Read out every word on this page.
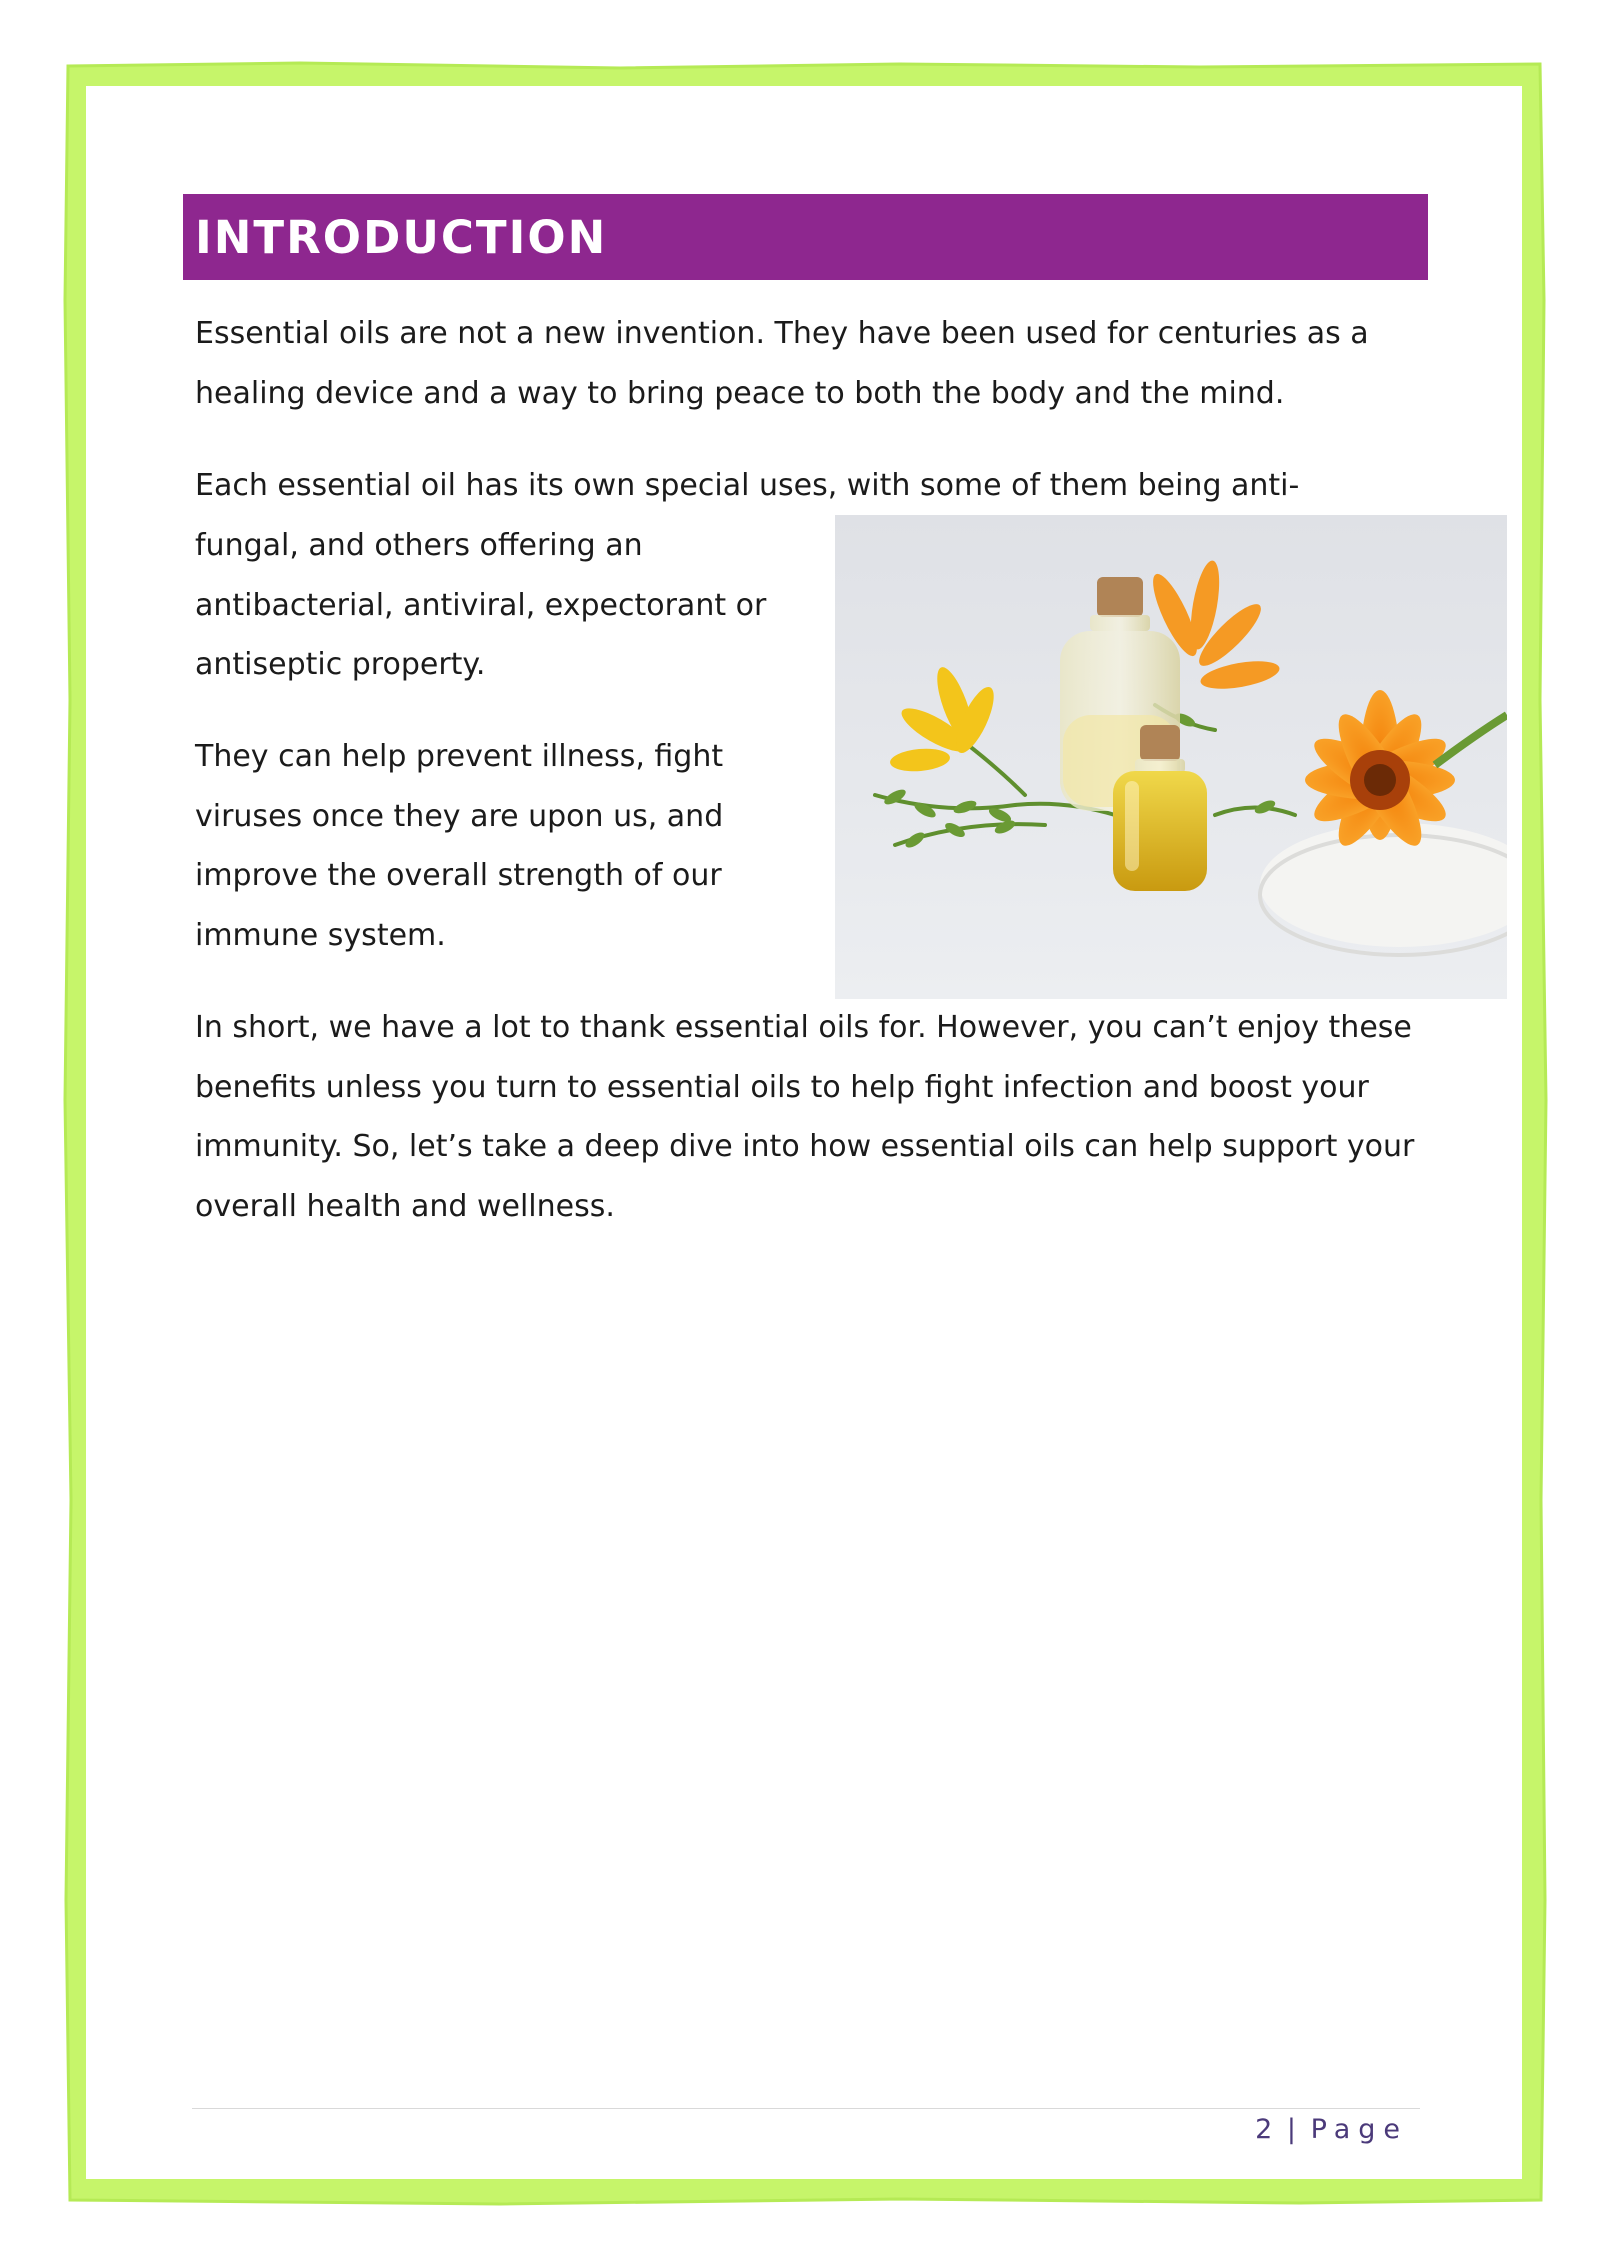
INTRODUCTION

Essential oils are not a new invention. They have been used for centuries as a healing device and a way to bring peace to both the body and the mind.

Each essential oil has its own special uses, with some of them being anti-

fungal, and others offering an antibacterial, antiviral, expectorant or antiseptic property.

They can help prevent illness, fight viruses once they are upon us, and improve the overall strength of our immune system.

In short, we have a lot to thank essential oils for. However, you can’t enjoy these benefits unless you turn to essential oils to help fight infection and boost your immunity. So, let’s take a deep dive into how essential oils can help support your overall health and wellness.

2 | Page
